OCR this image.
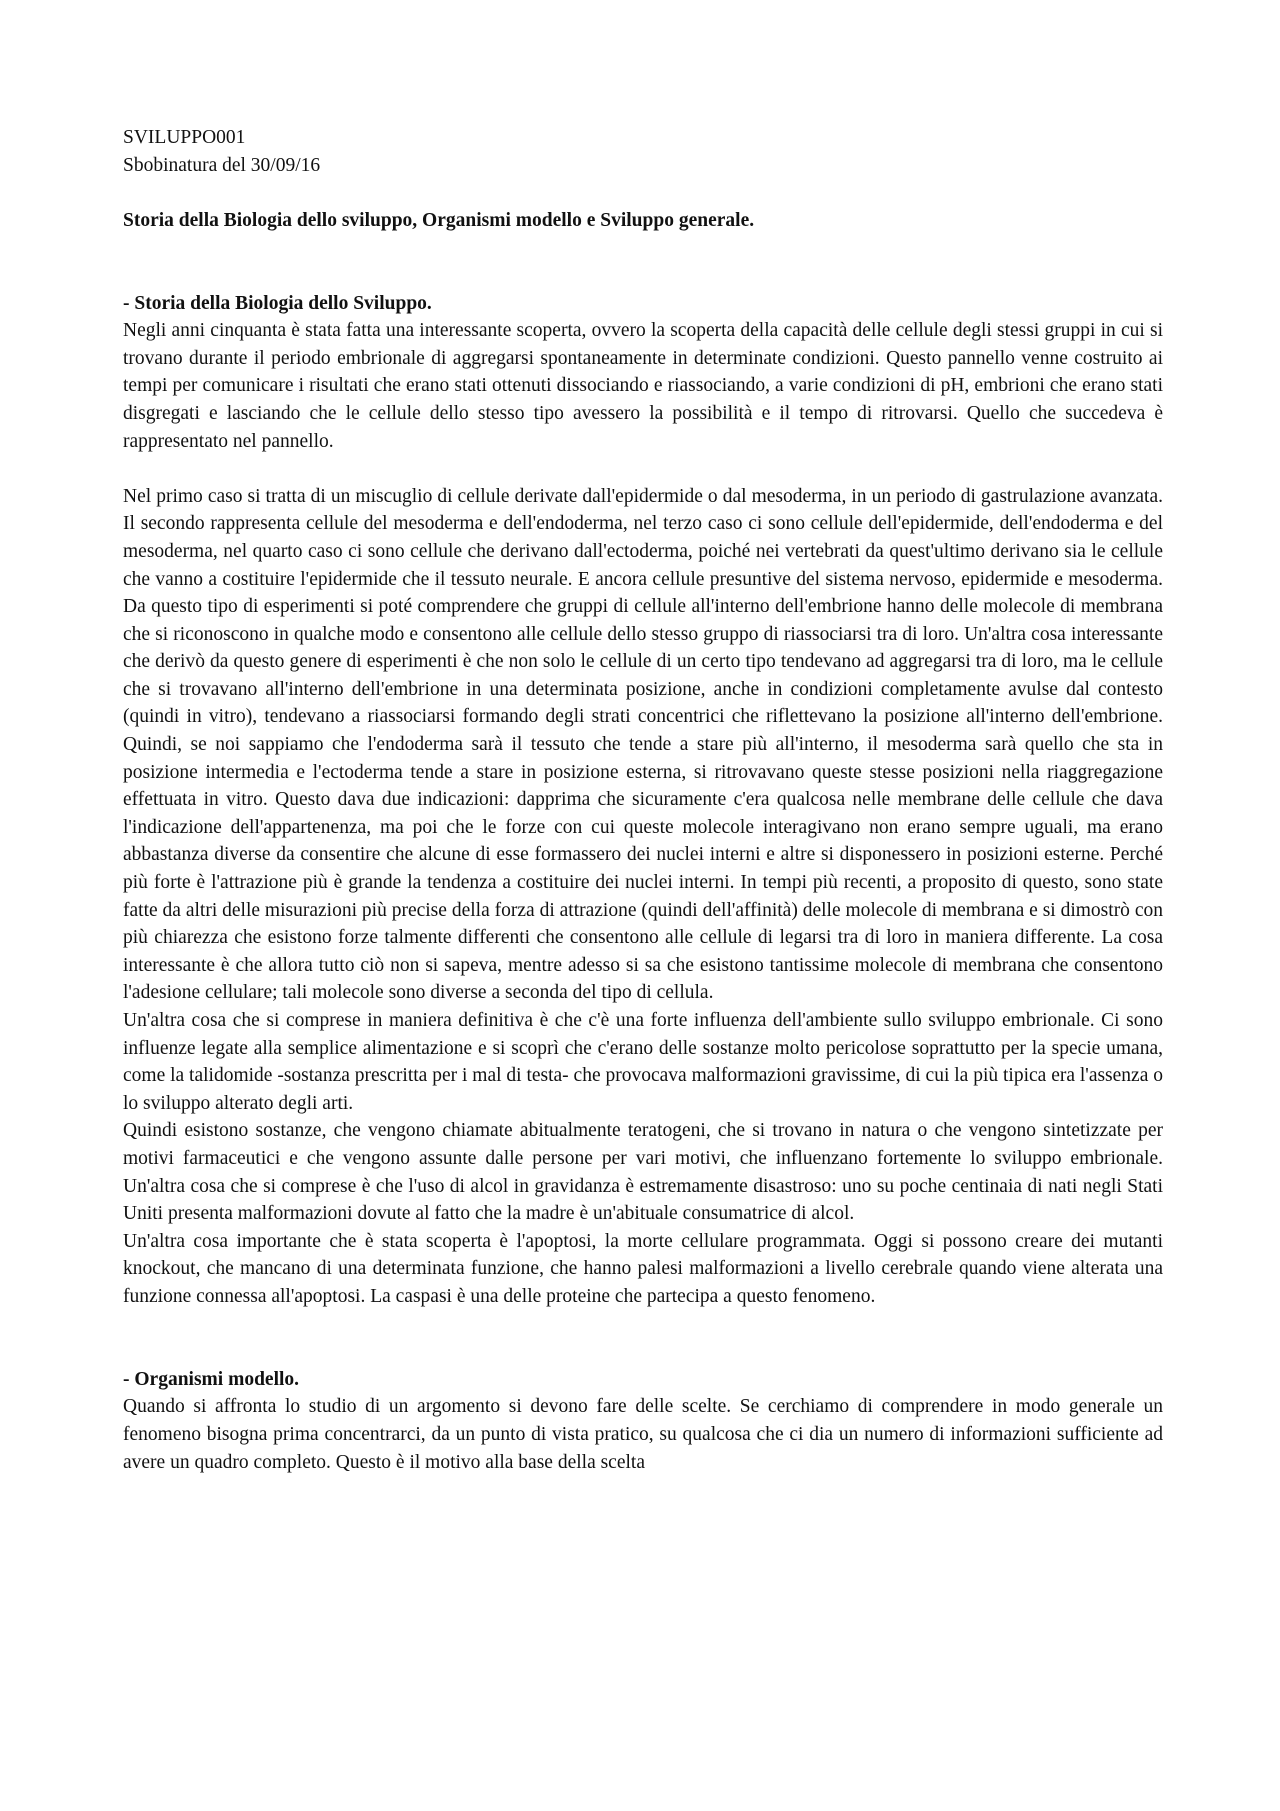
SVILUPPO001

Sbobinatura del 30/09/16

Storia della Biologia dello sviluppo, Organismi modello e Sviluppo generale.

- Storia della Biologia dello Sviluppo.

Negli anni cinquanta è stata fatta una interessante scoperta, ovvero la scoperta della capacità delle cellule degli stessi gruppi in cui si trovano durante il periodo embrionale di aggregarsi spontaneamente in determinate condizioni. Questo pannello venne costruito ai tempi per comunicare i risultati che erano stati ottenuti dissociando e riassociando, a varie condizioni di pH, embrioni che erano stati disgregati e lasciando che le cellule dello stesso tipo avessero la possibilità e il tempo di ritrovarsi. Quello che succedeva è rappresentato nel pannello.

Nel primo caso si tratta di un miscuglio di cellule derivate dall'epidermide o dal mesoderma, in un periodo di gastrulazione avanzata. Il secondo rappresenta cellule del mesoderma e dell'endoderma, nel terzo caso ci sono cellule dell'epidermide, dell'endoderma e del mesoderma, nel quarto caso ci sono cellule che derivano dall'ectoderma, poiché nei vertebrati da quest'ultimo derivano sia le cellule che vanno a costituire l'epidermide che il tessuto neurale. E ancora cellule presuntive del sistema nervoso, epidermide e mesoderma. Da questo tipo di esperimenti si poté comprendere che gruppi di cellule all'interno dell'embrione hanno delle molecole di membrana che si riconoscono in qualche modo e consentono alle cellule dello stesso gruppo di riassociarsi tra di loro. Un'altra cosa interessante che derivò da questo genere di esperimenti è che non solo le cellule di un certo tipo tendevano ad aggregarsi tra di loro, ma le cellule che si trovavano all'interno dell'embrione in una determinata posizione, anche in condizioni completamente avulse dal contesto (quindi in vitro), tendevano a riassociarsi formando degli strati concentrici che riflettevano la posizione all'interno dell'embrione. Quindi, se noi sappiamo che l'endoderma sarà il tessuto che tende a stare più all'interno, il mesoderma sarà quello che sta in posizione intermedia e l'ectoderma tende a stare in posizione esterna, si ritrovavano queste stesse posizioni nella riaggregazione effettuata in vitro. Questo dava due indicazioni: dapprima che sicuramente c'era qualcosa nelle membrane delle cellule che dava l'indicazione dell'appartenenza, ma poi che le forze con cui queste molecole interagivano non erano sempre uguali, ma erano abbastanza diverse da consentire che alcune di esse formassero dei nuclei interni e altre si disponessero in posizioni esterne. Perché più forte è l'attrazione più è grande la tendenza a costituire dei nuclei interni. In tempi più recenti, a proposito di questo, sono state fatte da altri delle misurazioni più precise della forza di attrazione (quindi dell'affinità) delle molecole di membrana e si dimostrò con più chiarezza che esistono forze talmente differenti che consentono alle cellule di legarsi tra di loro in maniera differente. La cosa interessante è che allora tutto ciò non si sapeva, mentre adesso si sa che esistono tantissime molecole di membrana che consentono l'adesione cellulare; tali molecole sono diverse a seconda del tipo di cellula.

Un'altra cosa che si comprese in maniera definitiva è che c'è una forte influenza dell'ambiente sullo sviluppo embrionale. Ci sono influenze legate alla semplice alimentazione e si scoprì che c'erano delle sostanze molto pericolose soprattutto per la specie umana, come la talidomide -sostanza prescritta per i mal di testa- che provocava malformazioni gravissime, di cui la più tipica era l'assenza o lo sviluppo alterato degli arti.

Quindi esistono sostanze, che vengono chiamate abitualmente teratogeni, che si trovano in natura o che vengono sintetizzate per motivi farmaceutici e che vengono assunte dalle persone per vari motivi, che influenzano fortemente lo sviluppo embrionale. Un'altra cosa che si comprese è che l'uso di alcol in gravidanza è estremamente disastroso: uno su poche centinaia di nati negli Stati Uniti presenta malformazioni dovute al fatto che la madre è un'abituale consumatrice di alcol.

Un'altra cosa importante che è stata scoperta è l'apoptosi, la morte cellulare programmata. Oggi si possono creare dei mutanti knockout, che mancano di una determinata funzione, che hanno palesi malformazioni a livello cerebrale quando viene alterata una funzione connessa all'apoptosi. La caspasi è una delle proteine che partecipa a questo fenomeno.

- Organismi modello.

Quando si affronta lo studio di un argomento si devono fare delle scelte. Se cerchiamo di comprendere in modo generale un fenomeno bisogna prima concentrarci, da un punto di vista pratico, su qualcosa che ci dia un numero di informazioni sufficiente ad avere un quadro completo. Questo è il motivo alla base della scelta
